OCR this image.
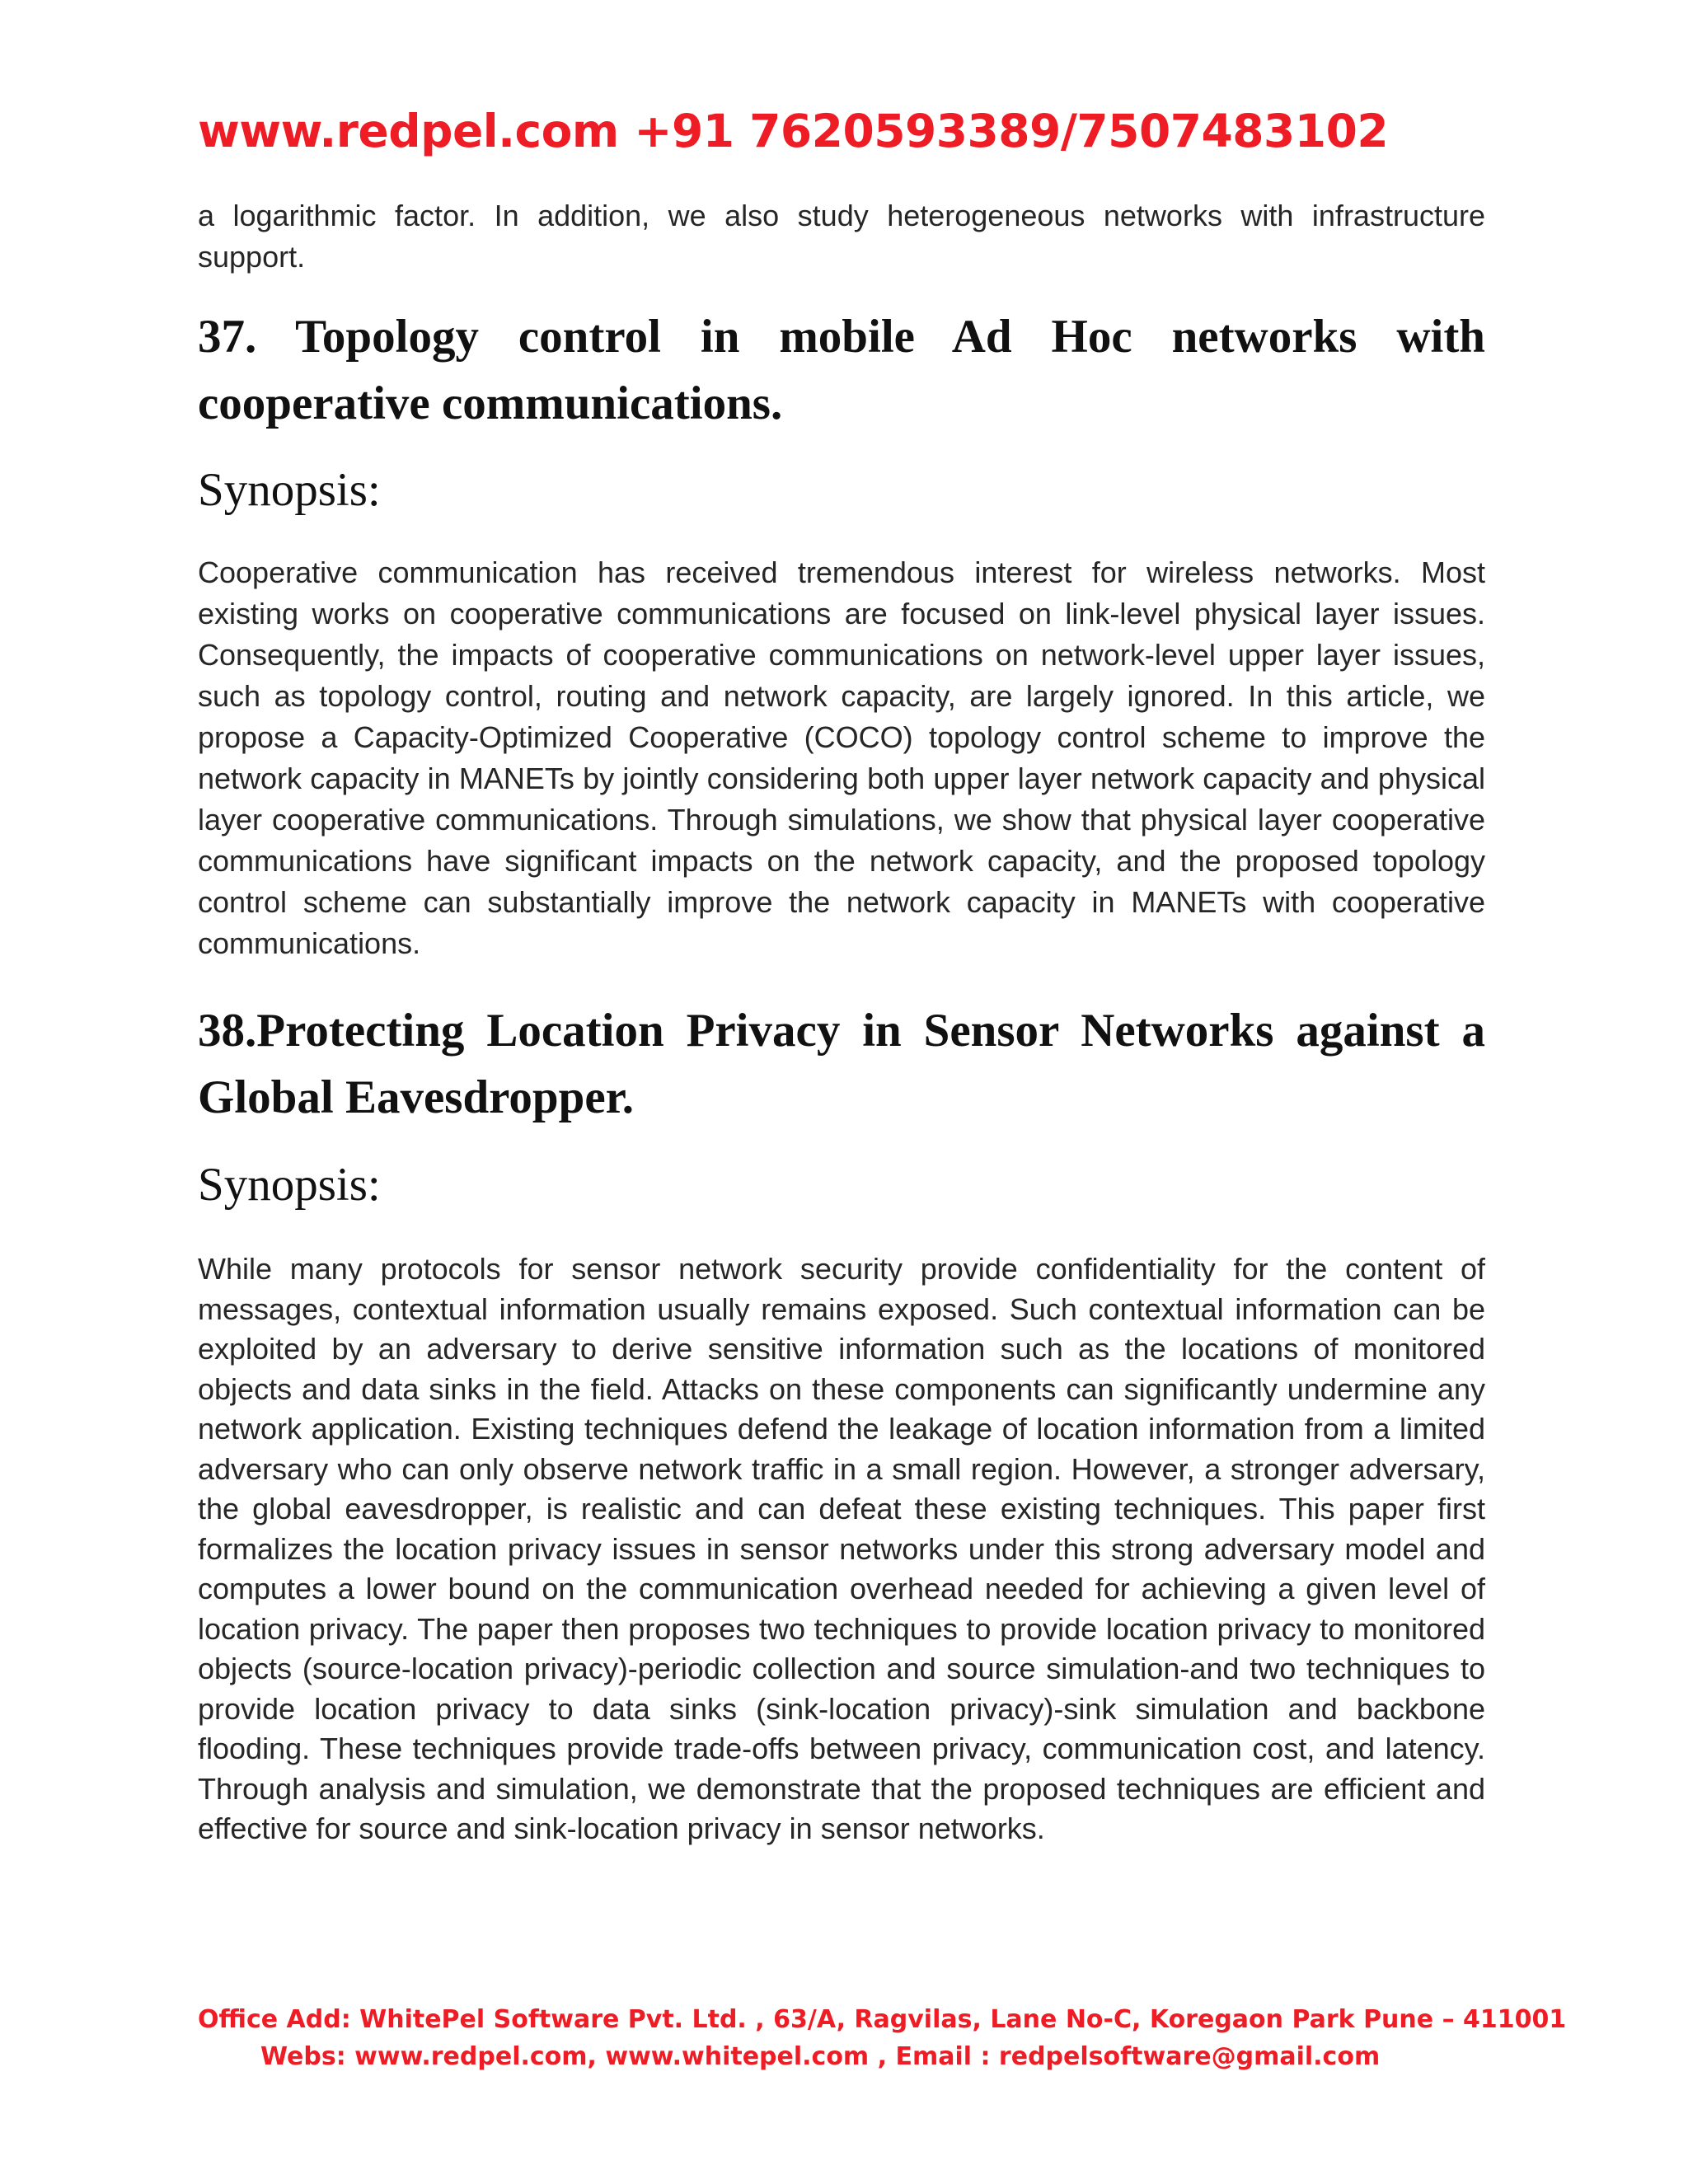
www.redpel.com +91 7620593389/7507483102

a logarithmic factor. In addition, we also study heterogeneous networks with infrastructure support.

37. Topology control in mobile Ad Hoc networks with cooperative communications.

Synopsis:

Cooperative communication has received tremendous interest for wireless networks. Most existing works on cooperative communications are focused on link-level physical layer issues. Consequently, the impacts of cooperative communications on network-level upper layer issues, such as topology control, routing and network capacity, are largely ignored. In this article, we propose a Capacity-Optimized Cooperative (COCO) topology control scheme to improve the network capacity in MANETs by jointly considering both upper layer network capacity and physical layer cooperative communications. Through simulations, we show that physical layer cooperative communications have significant impacts on the network capacity, and the proposed topology control scheme can substantially improve the network capacity in MANETs with cooperative communications.

38.Protecting Location Privacy in Sensor Networks against a Global Eavesdropper.

Synopsis:

While many protocols for sensor network security provide confidentiality for the content of messages, contextual information usually remains exposed. Such contextual information can be exploited by an adversary to derive sensitive information such as the locations of monitored objects and data sinks in the field. Attacks on these components can significantly undermine any network application. Existing techniques defend the leakage of location information from a limited adversary who can only observe network traffic in a small region. However, a stronger adversary, the global eavesdropper, is realistic and can defeat these existing techniques. This paper first formalizes the location privacy issues in sensor networks under this strong adversary model and computes a lower bound on the communication overhead needed for achieving a given level of location privacy. The paper then proposes two techniques to provide location privacy to monitored objects (source-location privacy)-periodic collection and source simulation-and two techniques to provide location privacy to data sinks (sink-location privacy)-sink simulation and backbone flooding. These techniques provide trade-offs between privacy, communication cost, and latency. Through analysis and simulation, we demonstrate that the proposed techniques are efficient and effective for source and sink-location privacy in sensor networks.

Office Add: WhitePel Software Pvt. Ltd. , 63/A, Ragvilas, Lane No-C, Koregaon Park Pune – 411001
Webs: www.redpel.com, www.whitepel.com , Email : redpelsoftware@gmail.com
